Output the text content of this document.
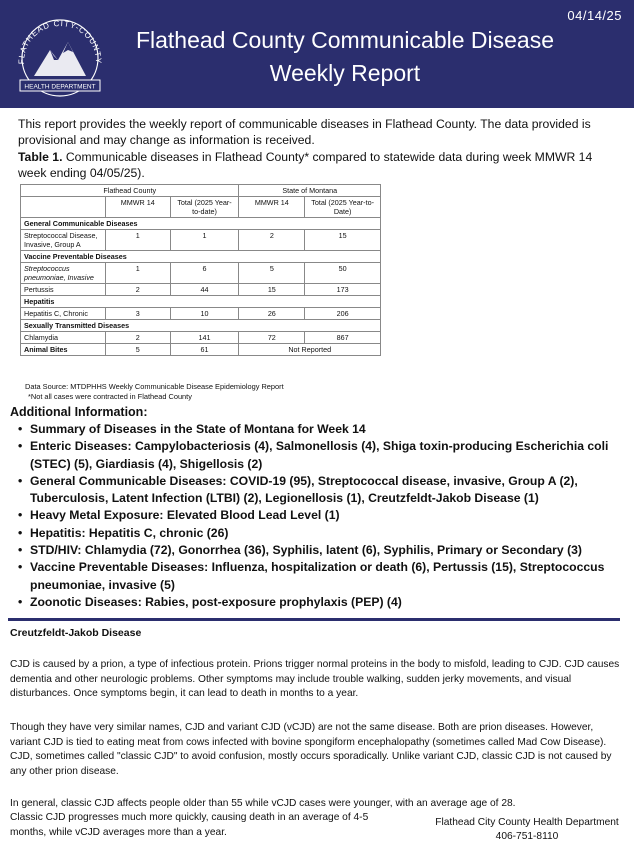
04/14/25
FLATHEAD CITY-COUNTY
HEALTH DEPARTMENT
Flathead County Communicable Disease
Weekly Report

This report provides the weekly report of communicable diseases in Flathead County. The data provided is provisional and may change as information is received.

Table 1. Communicable diseases in Flathead County* compared to statewide data during week MMWR 14 week ending 04/05/25).

Flathead County			State of Montana	
	MMWR 14	Total (2025 Year-to-date)	MMWR 14	Total (2025 Year-to-Date)
General Communicable Diseases				
Streptococcal Disease, Invasive, Group A	1	1	2	15
Vaccine Preventable Diseases				
Streptococcus pneumoniae, Invasive	1	6	5	50
Pertussis	2	44	15	173
Hepatitis				
Hepatitis C, Chronic	3	10	26	206
Sexually Transmitted Diseases				
Chlamydia	2	141	72	867
Animal Bites	5	61	Not Reported	
Data Source: MTDPHHS Weekly Communicable Disease Epidemiology Report
*Not all cases were contracted in Flathead County
Additional Information:
• Summary of Diseases in the State of Montana for Week 14
• Enteric Diseases: Campylobacteriosis (4), Salmonellosis (4), Shiga toxin-producing Escherichia coli (STEC) (5), Giardiasis (4), Shigellosis (2)
• General Communicable Diseases: COVID-19 (95), Streptococcal disease, invasive, Group A (2), Tuberculosis, Latent Infection (LTBI) (2), Legionellosis (1), Creutzfeldt-Jakob Disease (1)
• Heavy Metal Exposure: Elevated Blood Lead Level (1)
• Hepatitis: Hepatitis C, chronic (26)
• STD/HIV: Chlamydia (72), Gonorrhea (36), Syphilis, latent (6), Syphilis, Primary or Secondary (3)
• Vaccine Preventable Diseases: Influenza, hospitalization or death (6), Pertussis (15), Streptococcus pneumoniae, invasive (5)
• Zoonotic Diseases: Rabies, post-exposure prophylaxis (PEP) (4)
Creutzfeldt-Jakob Disease

CJD is caused by a prion, a type of infectious protein. Prions trigger normal proteins in the body to misfold, leading to CJD. CJD causes dementia and other neurologic problems. Other symptoms may include trouble walking, sudden jerky movements, and visual disturbances. Once symptoms begin, it can lead to death in months to a year.

Though they have very similar names, CJD and variant CJD (vCJD) are not the same disease. Both are prion diseases. However, variant CJD is tied to eating meat from cows infected with bovine spongiform encephalopathy (sometimes called Mad Cow Disease). CJD, sometimes called "classic CJD" to avoid confusion, mostly occurs sporadically. Unlike variant CJD, classic CJD is not caused by any other prion disease.

In general, classic CJD affects people older than 55 while vCJD cases were younger, with an average age of 28.

Classic CJD progresses much more quickly, causing death in an average of 4-5 months, while vCJD averages more than a year.

Flathead City County Health Department
406-751-8110
